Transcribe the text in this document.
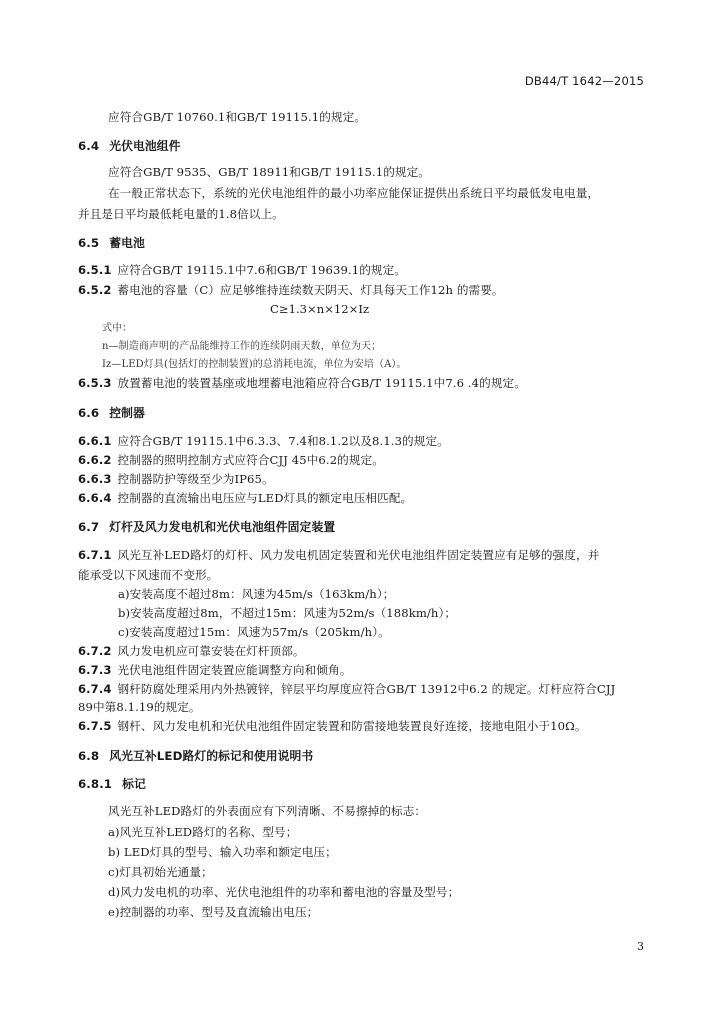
DB44/T 1642—2015
应符合GB/T 10760.1和GB/T 19115.1的规定。
6.4 光伏电池组件
应符合GB/T 9535、GB/T 18911和GB/T 19115.1的规定。
在一般正常状态下，系统的光伏电池组件的最小功率应能保证提供出系统日平均最低发电电量，
并且是日平均最低耗电量的1.8倍以上。
6.5 蓄电池
6.5.1 应符合GB/T 19115.1中7.6和GB/T 19639.1的规定。
6.5.2 蓄电池的容量（C）应足够维持连续数天阴天、灯具每天工作12h 的需要。
C≥1.3×n×12×Iz
式中：
n—制造商声明的产品能维持工作的连续阴雨天数，单位为天；
Iz—LED灯具(包括灯的控制装置)的总消耗电流，单位为安培（A）。
6.5.3 放置蓄电池的装置基座或地埋蓄电池箱应符合GB/T 19115.1中7.6 .4的规定。
6.6 控制器
6.6.1 应符合GB/T 19115.1中6.3.3、7.4和8.1.2以及8.1.3的规定。
6.6.2 控制器的照明控制方式应符合CJJ 45中6.2的规定。
6.6.3 控制器防护等级至少为IP65。
6.6.4 控制器的直流输出电压应与LED灯具的额定电压相匹配。
6.7 灯杆及风力发电机和光伏电池组件固定装置
6.7.1 风光互补LED路灯的灯杆、风力发电机固定装置和光伏电池组件固定装置应有足够的强度，并
能承受以下风速而不变形。
a)安装高度不超过8m：风速为45m/s（163km/h）；
b)安装高度超过8m，不超过15m：风速为52m/s（188km/h）；
c)安装高度超过15m：风速为57m/s（205km/h）。
6.7.2 风力发电机应可靠安装在灯杆顶部。
6.7.3 光伏电池组件固定装置应能调整方向和倾角。
6.7.4 钢杆防腐处理采用内外热镀锌，锌层平均厚度应符合GB/T 13912中6.2 的规定。灯杆应符合CJJ
89中第8.1.19的规定。
6.7.5 钢杆、风力发电机和光伏电池组件固定装置和防雷接地装置良好连接，接地电阻小于10Ω。
6.8 风光互补LED路灯的标记和使用说明书
6.8.1 标记
风光互补LED路灯的外表面应有下列清晰、不易擦掉的标志：
a)风光互补LED路灯的名称、型号；
b) LED灯具的型号、输入功率和额定电压；
c)灯具初始光通量；
d)风力发电机的功率、光伏电池组件的功率和蓄电池的容量及型号；
e)控制器的功率、型号及直流输出电压；
3
